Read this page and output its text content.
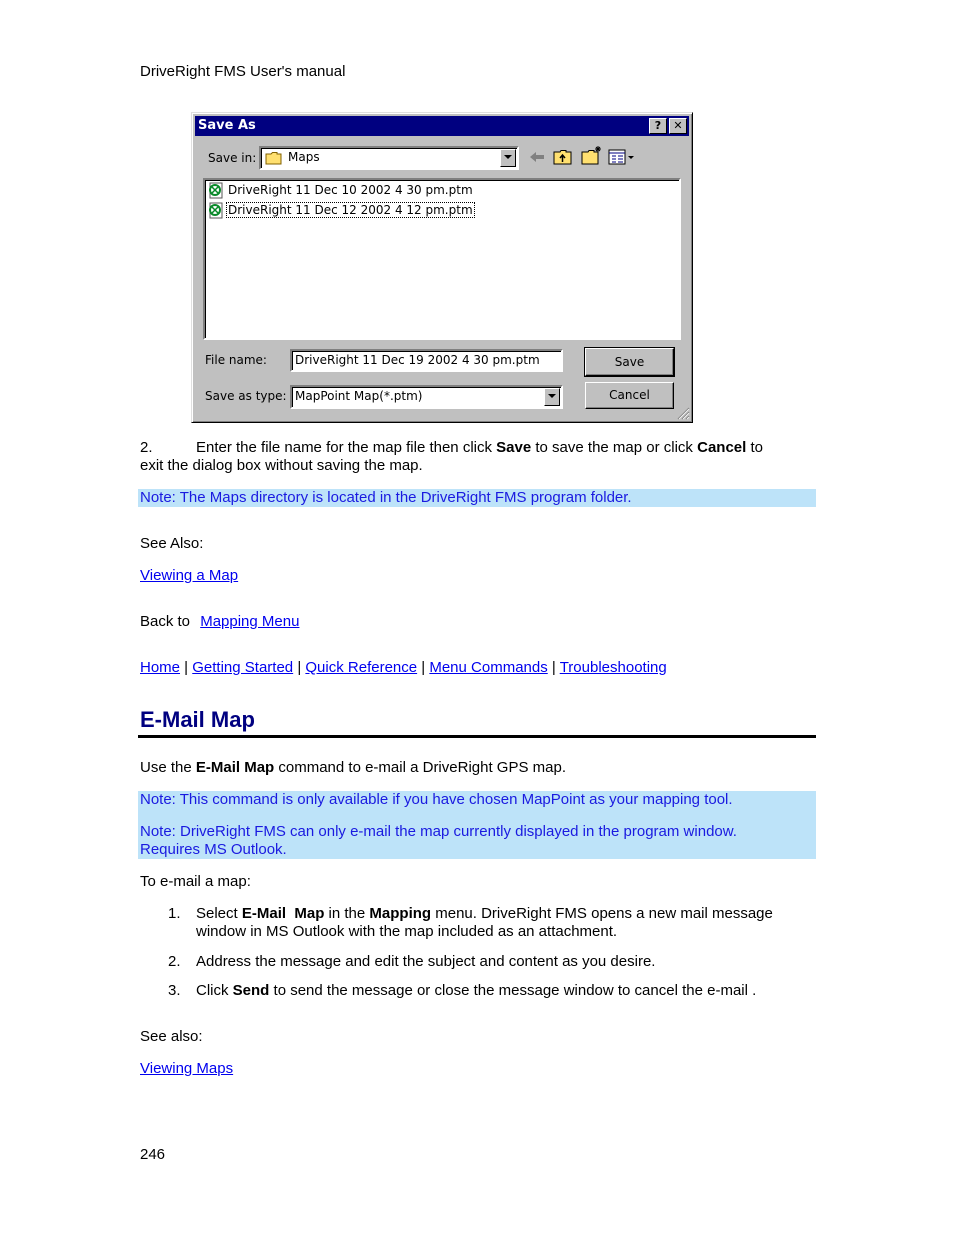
DriveRight FMS User's manual
Save As	?	✕
Save in:	Maps
DriveRight 11 Dec 10 2002 4 30 pm.ptm
DriveRight 11 Dec 12 2002 4 12 pm.ptm
File name: DriveRight 11 Dec 19 2002 4 30 pm.ptm
Save as type: MapPoint Map(*.ptm)
Save
Cancel
2.	Enter the file name for the map file then click Save to save the map or click Cancel to
exit the dialog box without saving the map.
Note: The Maps directory is located in the DriveRight FMS program folder.
See Also:
Viewing a Map
Back to Mapping Menu
Home | Getting Started | Quick Reference | Menu Commands | Troubleshooting
E-Mail Map
Use the E-Mail Map command to e-mail a DriveRight GPS map.
Note: This command is only available if you have chosen MapPoint as your mapping tool.
Note: DriveRight FMS can only e-mail the map currently displayed in the program window.
Requires MS Outlook.
To e-mail a map:
1. Select E-Mail  Map in the Mapping menu. DriveRight FMS opens a new mail message
window in MS Outlook with the map included as an attachment.
2. Address the message and edit the subject and content as you desire.
3. Click Send to send the message or close the message window to cancel the e-mail .
See also:
Viewing Maps
246
